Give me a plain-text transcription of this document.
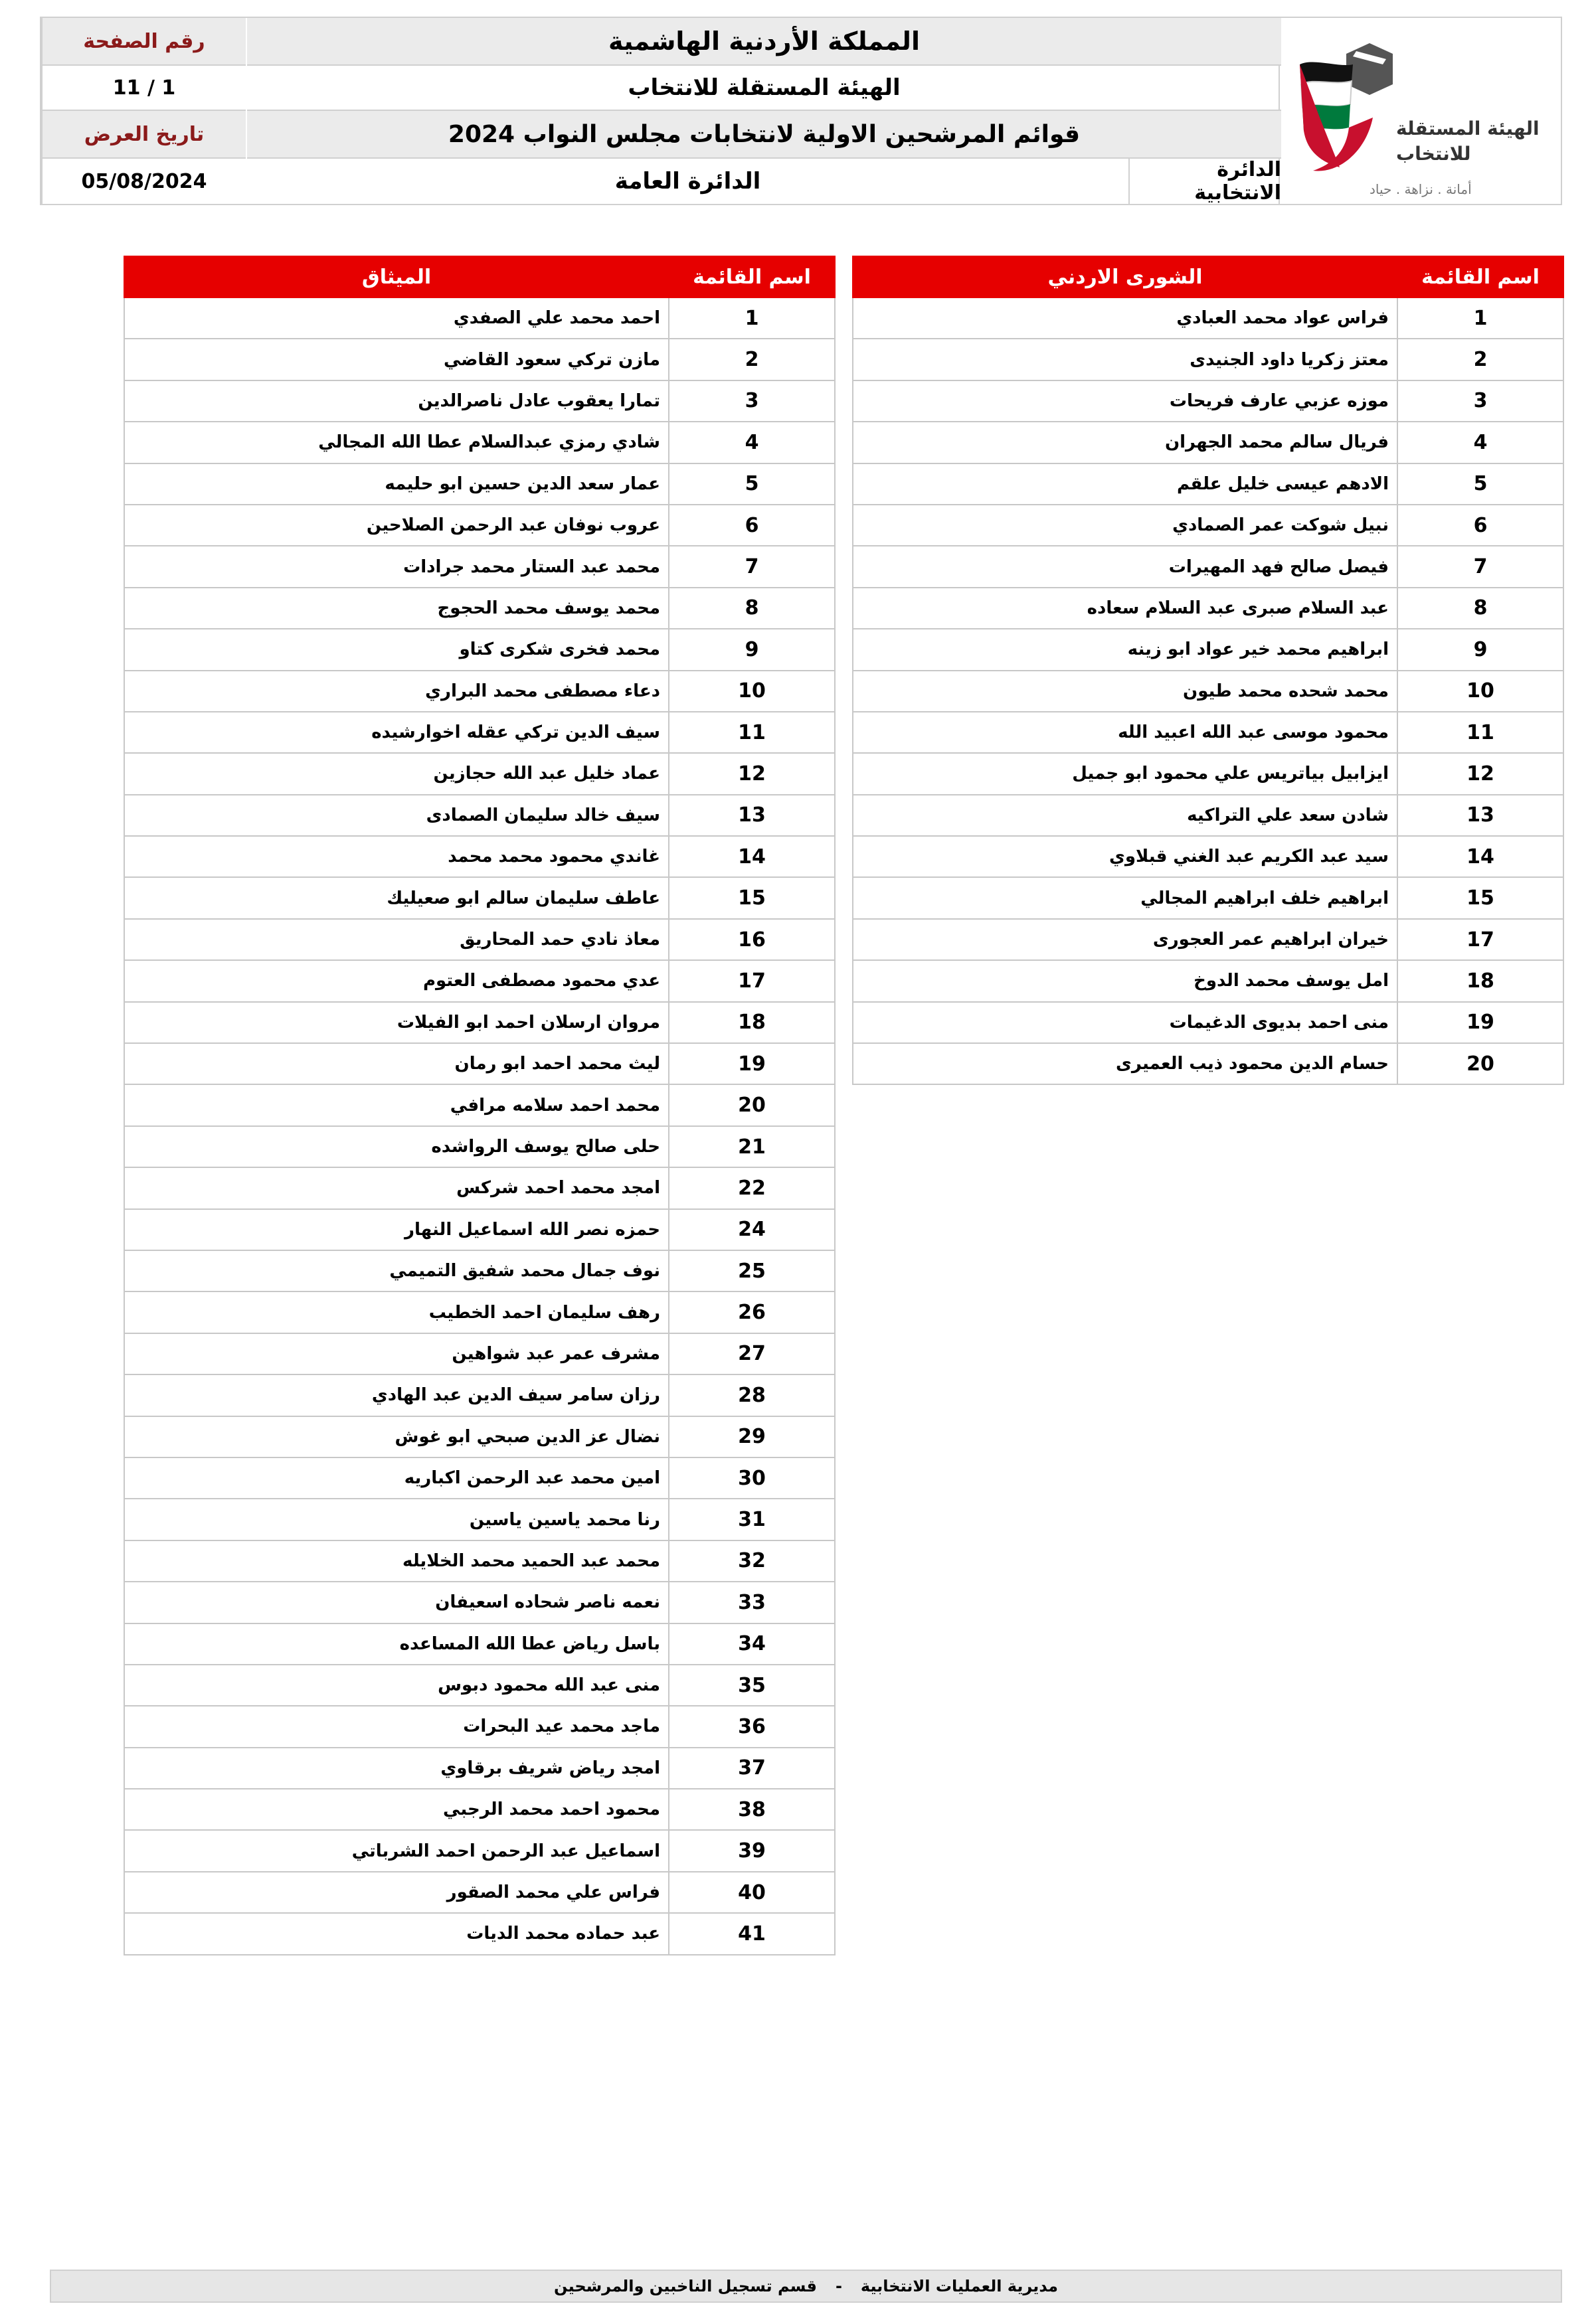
الهيئة المستقلة
للانتخاب
أمانة . نزاهة . حياد
المملكة الأردنية الهاشمية
الهيئة المستقلة للانتخاب
قوائم المرشحين الاولية لانتخابات مجلس النواب 2024
الدائرة الانتخابية
الدائرة العامة
رقم الصفحة
11 / 1
تاريخ العرض
05/08/2024
اسم القائمة	الشورى الاردني
1	فراس عواد محمد العبادي
2	معتز زكريا داود الجنيدى
3	موزه عزبي عارف فريحات
4	فريال سالم محمد الجهران
5	الادهم عيسى خليل علقم
6	نبيل شوكت عمر الصمادي
7	فيصل صالح فهد المهيرات
8	عبد السلام صبرى عبد السلام سعاده
9	ابراهيم محمد خير عواد ابو زينه
10	محمد شحده محمد طيون
11	محمود موسى عبد الله اعبيد الله
12	ايزابيل بياتريس علي محمود ابو جميل
13	شادن سعد علي التراكيه
14	سيد عبد الكريم عبد الغني قبلاوي
15	ابراهيم خلف ابراهيم المجالي
17	خيران ابراهيم عمر العجورى
18	امل يوسف محمد الدوخ
19	منى احمد بديوى الدغيمات
20	حسام الدين محمود ذيب العميرى
اسم القائمة	الميثاق
1	احمد محمد علي الصفدي
2	مازن تركي سعود القاضي
3	تمارا يعقوب عادل ناصرالدين
4	شادي رمزي عبدالسلام عطا الله المجالي
5	عمار سعد الدين حسين ابو حليمه
6	عروب نوفان عبد الرحمن الصلاحين
7	محمد عبد الستار محمد جرادات
8	محمد يوسف محمد الحجوج
9	محمد فخرى شكرى كتاو
10	دعاء مصطفى محمد البراري
11	سيف الدين تركي عقله اخوارشيده
12	عماد خليل عبد الله حجازين
13	سيف خالد سليمان الصمادى
14	غاندي محمود محمد محمد
15	عاطف سليمان سالم ابو صعيليك
16	معاذ نادي حمد المحاريق
17	عدي محمود مصطفى العتوم
18	مروان ارسلان احمد ابو الفيلات
19	ليث محمد احمد ابو رمان
20	محمد احمد سلامه مرافي
21	حلى صالح يوسف الرواشده
22	امجد محمد احمد شركس
24	حمزه نصر الله اسماعيل النهار
25	نوف جمال محمد شفيق التميمي
26	رهف سليمان احمد الخطيب
27	مشرف عمر عبد شواهين
28	رزان سامر سيف الدين عبد الهادي
29	نضال عز الدين صبحي ابو غوش
30	امين محمد عبد الرحمن اكباريه
31	رنا محمد ياسين ياسين
32	محمد عبد الحميد محمد الخلايله
33	نعمه ناصر شحاده اسعيفان
34	باسل رياض عطا الله المساعده
35	منى عبد الله محمود دبوس
36	ماجد محمد عيد البحرات
37	امجد رياض شريف برقاوي
38	محمود احمد محمد الرجبي
39	اسماعيل عبد الرحمن احمد الشرباتي
40	فراس علي محمد الصقور
41	عبد حماده محمد الديات
مديرية العمليات الانتخابية
-
قسم تسجيل الناخبين والمرشحين
